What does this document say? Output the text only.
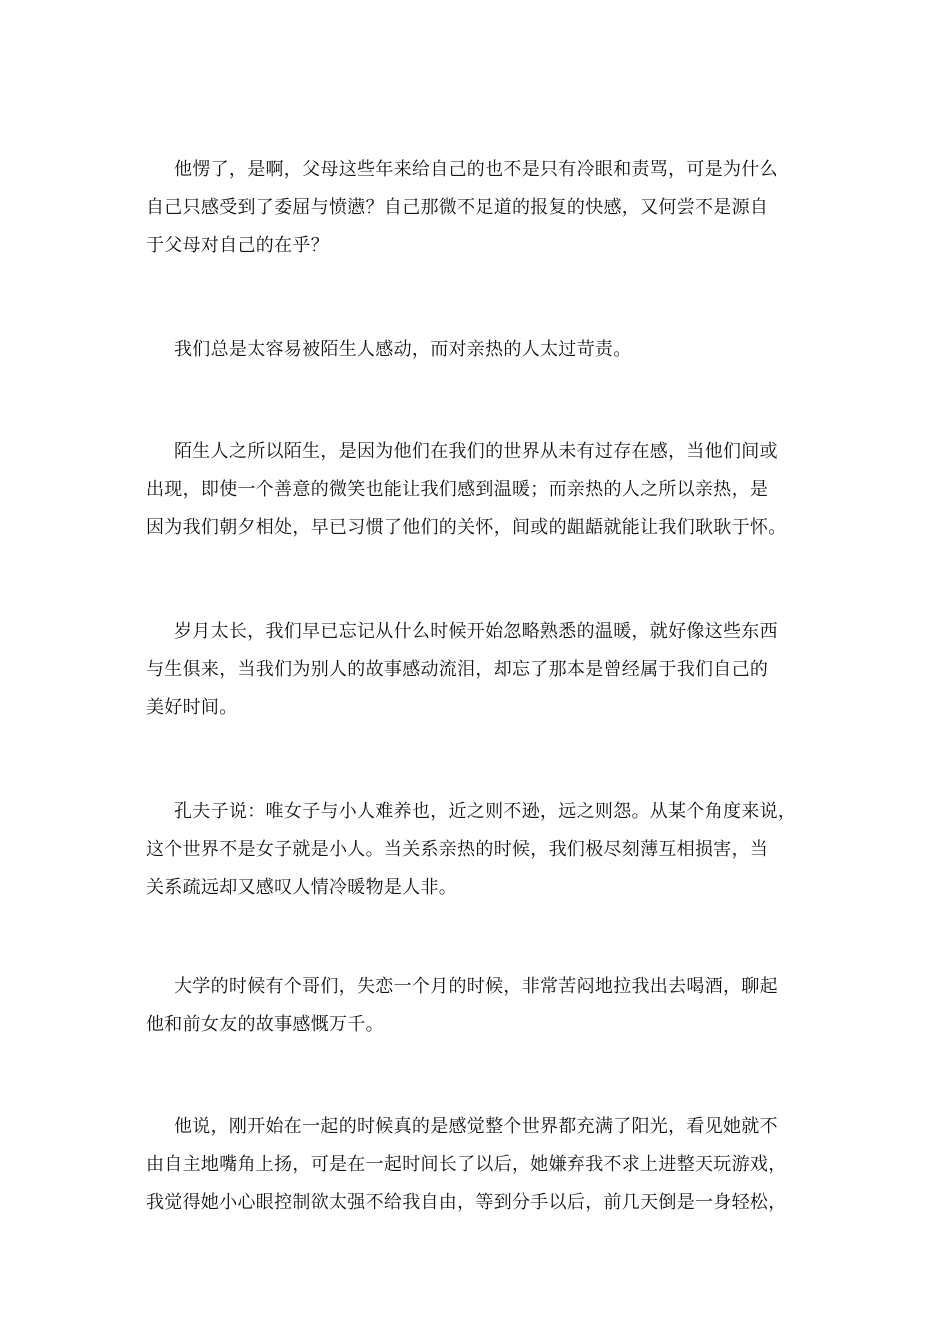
他愣了，是啊，父母这些年来给自己的也不是只有冷眼和责骂，可是为什么
自己只感受到了委屈与愤懑？自己那微不足道的报复的快感，又何尝不是源自
于父母对自己的在乎？
我们总是太容易被陌生人感动，而对亲热的人太过苛责。
陌生人之所以陌生，是因为他们在我们的世界从未有过存在感，当他们间或
出现，即使一个善意的微笑也能让我们感到温暖；而亲热的人之所以亲热，是
因为我们朝夕相处，早已习惯了他们的关怀，间或的龃龉就能让我们耿耿于怀。
岁月太长，我们早已忘记从什么时候开始忽略熟悉的温暖，就好像这些东西
与生俱来，当我们为别人的故事感动流泪，却忘了那本是曾经属于我们自己的
美好时间。
孔夫子说：唯女子与小人难养也，近之则不逊，远之则怨。从某个角度来说，
这个世界不是女子就是小人。当关系亲热的时候，我们极尽刻薄互相损害，当
关系疏远却又感叹人情冷暖物是人非。
大学的时候有个哥们，失恋一个月的时候，非常苦闷地拉我出去喝酒，聊起
他和前女友的故事感慨万千。
他说，刚开始在一起的时候真的是感觉整个世界都充满了阳光，看见她就不
由自主地嘴角上扬，可是在一起时间长了以后，她嫌弃我不求上进整天玩游戏，
我觉得她小心眼控制欲太强不给我自由，等到分手以后，前几天倒是一身轻松，
